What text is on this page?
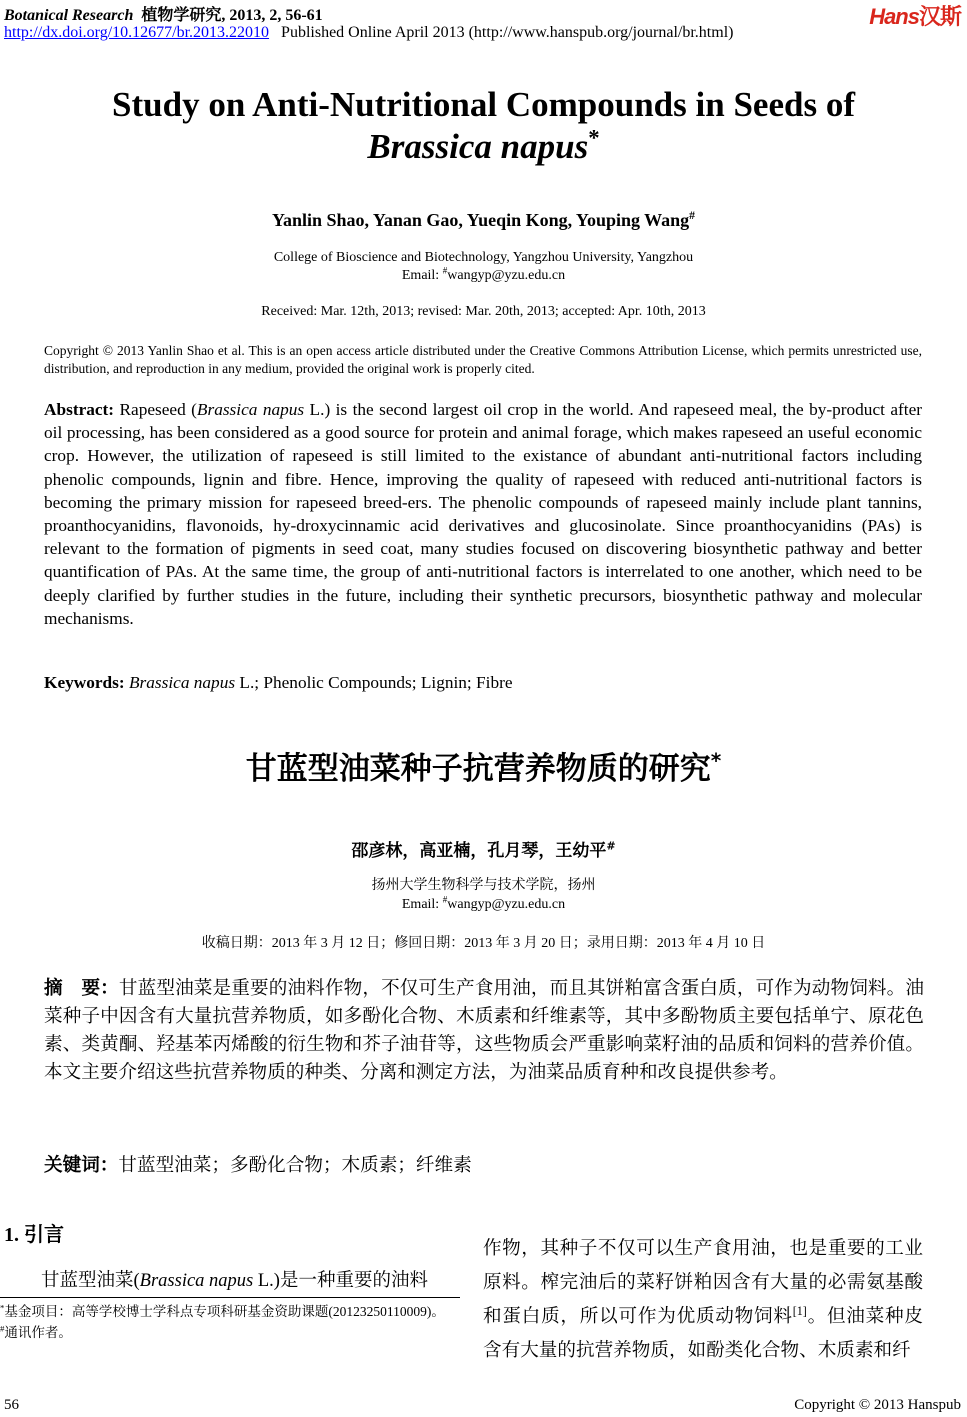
Botanical Research 植物学研究, 2013, 2, 56-61
http://dx.doi.org/10.12677/br.2013.22010 Published Online April 2013 (http://www.hanspub.org/journal/br.html)
Hans汉斯
Study on Anti-Nutritional Compounds in Seeds of
Brassica napus*
Yanlin Shao, Yanan Gao, Yueqin Kong, Youping Wang#
College of Bioscience and Biotechnology, Yangzhou University, Yangzhou
Email: #wangyp@yzu.edu.cn
Received: Mar. 12th, 2013; revised: Mar. 20th, 2013; accepted: Apr. 10th, 2013
Copyright © 2013 Yanlin Shao et al. This is an open access article distributed under the Creative Commons Attribution License, which permits unrestricted use, distribution, and reproduction in any medium, provided the original work is properly cited.
Abstract: Rapeseed (Brassica napus L.) is the second largest oil crop in the world. And rapeseed meal, the by-product after oil processing, has been considered as a good source for protein and animal forage, which makes rapeseed an useful economic crop. However, the utilization of rapeseed is still limited to the existance of abundant anti-nutritional factors including phenolic compounds, lignin and fibre. Hence, improving the quality of rapeseed with reduced anti-nutritional factors is becoming the primary mission for rapeseed breed-ers. The phenolic compounds of rapeseed mainly include plant tannins, proanthocyanidins, flavonoids, hy-droxycinnamic acid derivatives and glucosinolate. Since proanthocyanidins (PAs) is relevant to the formation of pigments in seed coat, many studies focused on discovering biosynthetic pathway and better quantification of PAs. At the same time, the group of anti-nutritional factors is interrelated to one another, which need to be deeply clarified by further studies in the future, including their synthetic precursors, biosynthetic pathway and molecular mechanisms.
Keywords: Brassica napus L.; Phenolic Compounds; Lignin; Fibre
甘蓝型油菜种子抗营养物质的研究*
邵彦林，高亚楠，孔月琴，王幼平#
扬州大学生物科学与技术学院，扬州
Email: #wangyp@yzu.edu.cn
收稿日期：2013 年 3 月 12 日；修回日期：2013 年 3 月 20 日；录用日期：2013 年 4 月 10 日
摘　要：甘蓝型油菜是重要的油料作物，不仅可生产食用油，而且其饼粕富含蛋白质，可作为动物饲料。油菜种子中因含有大量抗营养物质，如多酚化合物、木质素和纤维素等，其中多酚物质主要包括单宁、原花色素、类黄酮、羟基苯丙烯酸的衍生物和芥子油苷等，这些物质会严重影响菜籽油的品质和饲料的营养价值。本文主要介绍这些抗营养物质的种类、分离和测定方法，为油菜品质育种和改良提供参考。
关键词：甘蓝型油菜；多酚化合物；木质素；纤维素
1. 引言
甘蓝型油菜(Brassica napus L.)是一种重要的油料
*基金项目：高等学校博士学科点专项科研基金资助课题(20123250110009)。
#通讯作者。
作物，其种子不仅可以生产食用油，也是重要的工业原料。榨完油后的菜籽饼粕因含有大量的必需氨基酸和蛋白质，所以可作为优质动物饲料[1]。但油菜种皮含有大量的抗营养物质，如酚类化合物、木质素和纤
56	Copyright © 2013 Hanspub
